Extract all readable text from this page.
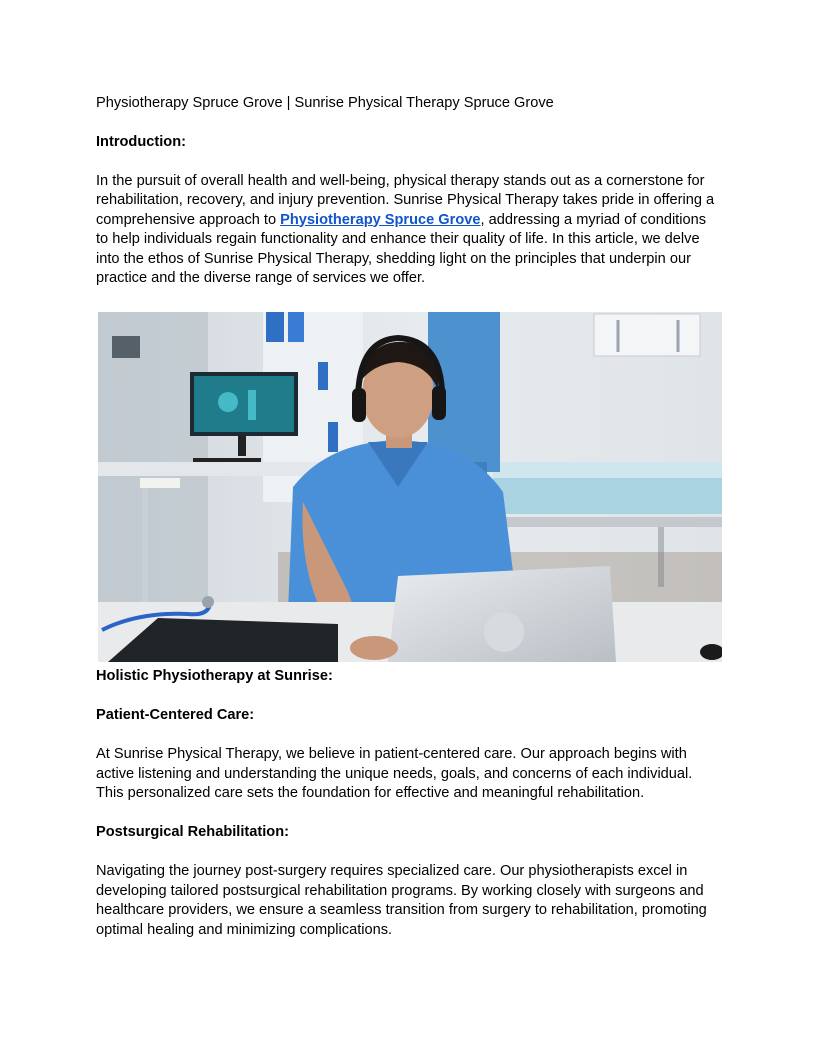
Physiotherapy Spruce Grove | Sunrise Physical Therapy Spruce Grove

Introduction:

In the pursuit of overall health and well-being, physical therapy stands out as a cornerstone for rehabilitation, recovery, and injury prevention. Sunrise Physical Therapy takes pride in offering a comprehensive approach to Physiotherapy Spruce Grove, addressing a myriad of conditions to help individuals regain functionality and enhance their quality of life. In this article, we delve into the ethos of Sunrise Physical Therapy, shedding light on the principles that underpin our practice and the diverse range of services we offer.

Holistic Physiotherapy at Sunrise:

Patient-Centered Care:

At Sunrise Physical Therapy, we believe in patient-centered care. Our approach begins with active listening and understanding the unique needs, goals, and concerns of each individual. This personalized care sets the foundation for effective and meaningful rehabilitation.

Postsurgical Rehabilitation:

Navigating the journey post-surgery requires specialized care. Our physiotherapists excel in developing tailored postsurgical rehabilitation programs. By working closely with surgeons and healthcare providers, we ensure a seamless transition from surgery to rehabilitation, promoting optimal healing and minimizing complications.
